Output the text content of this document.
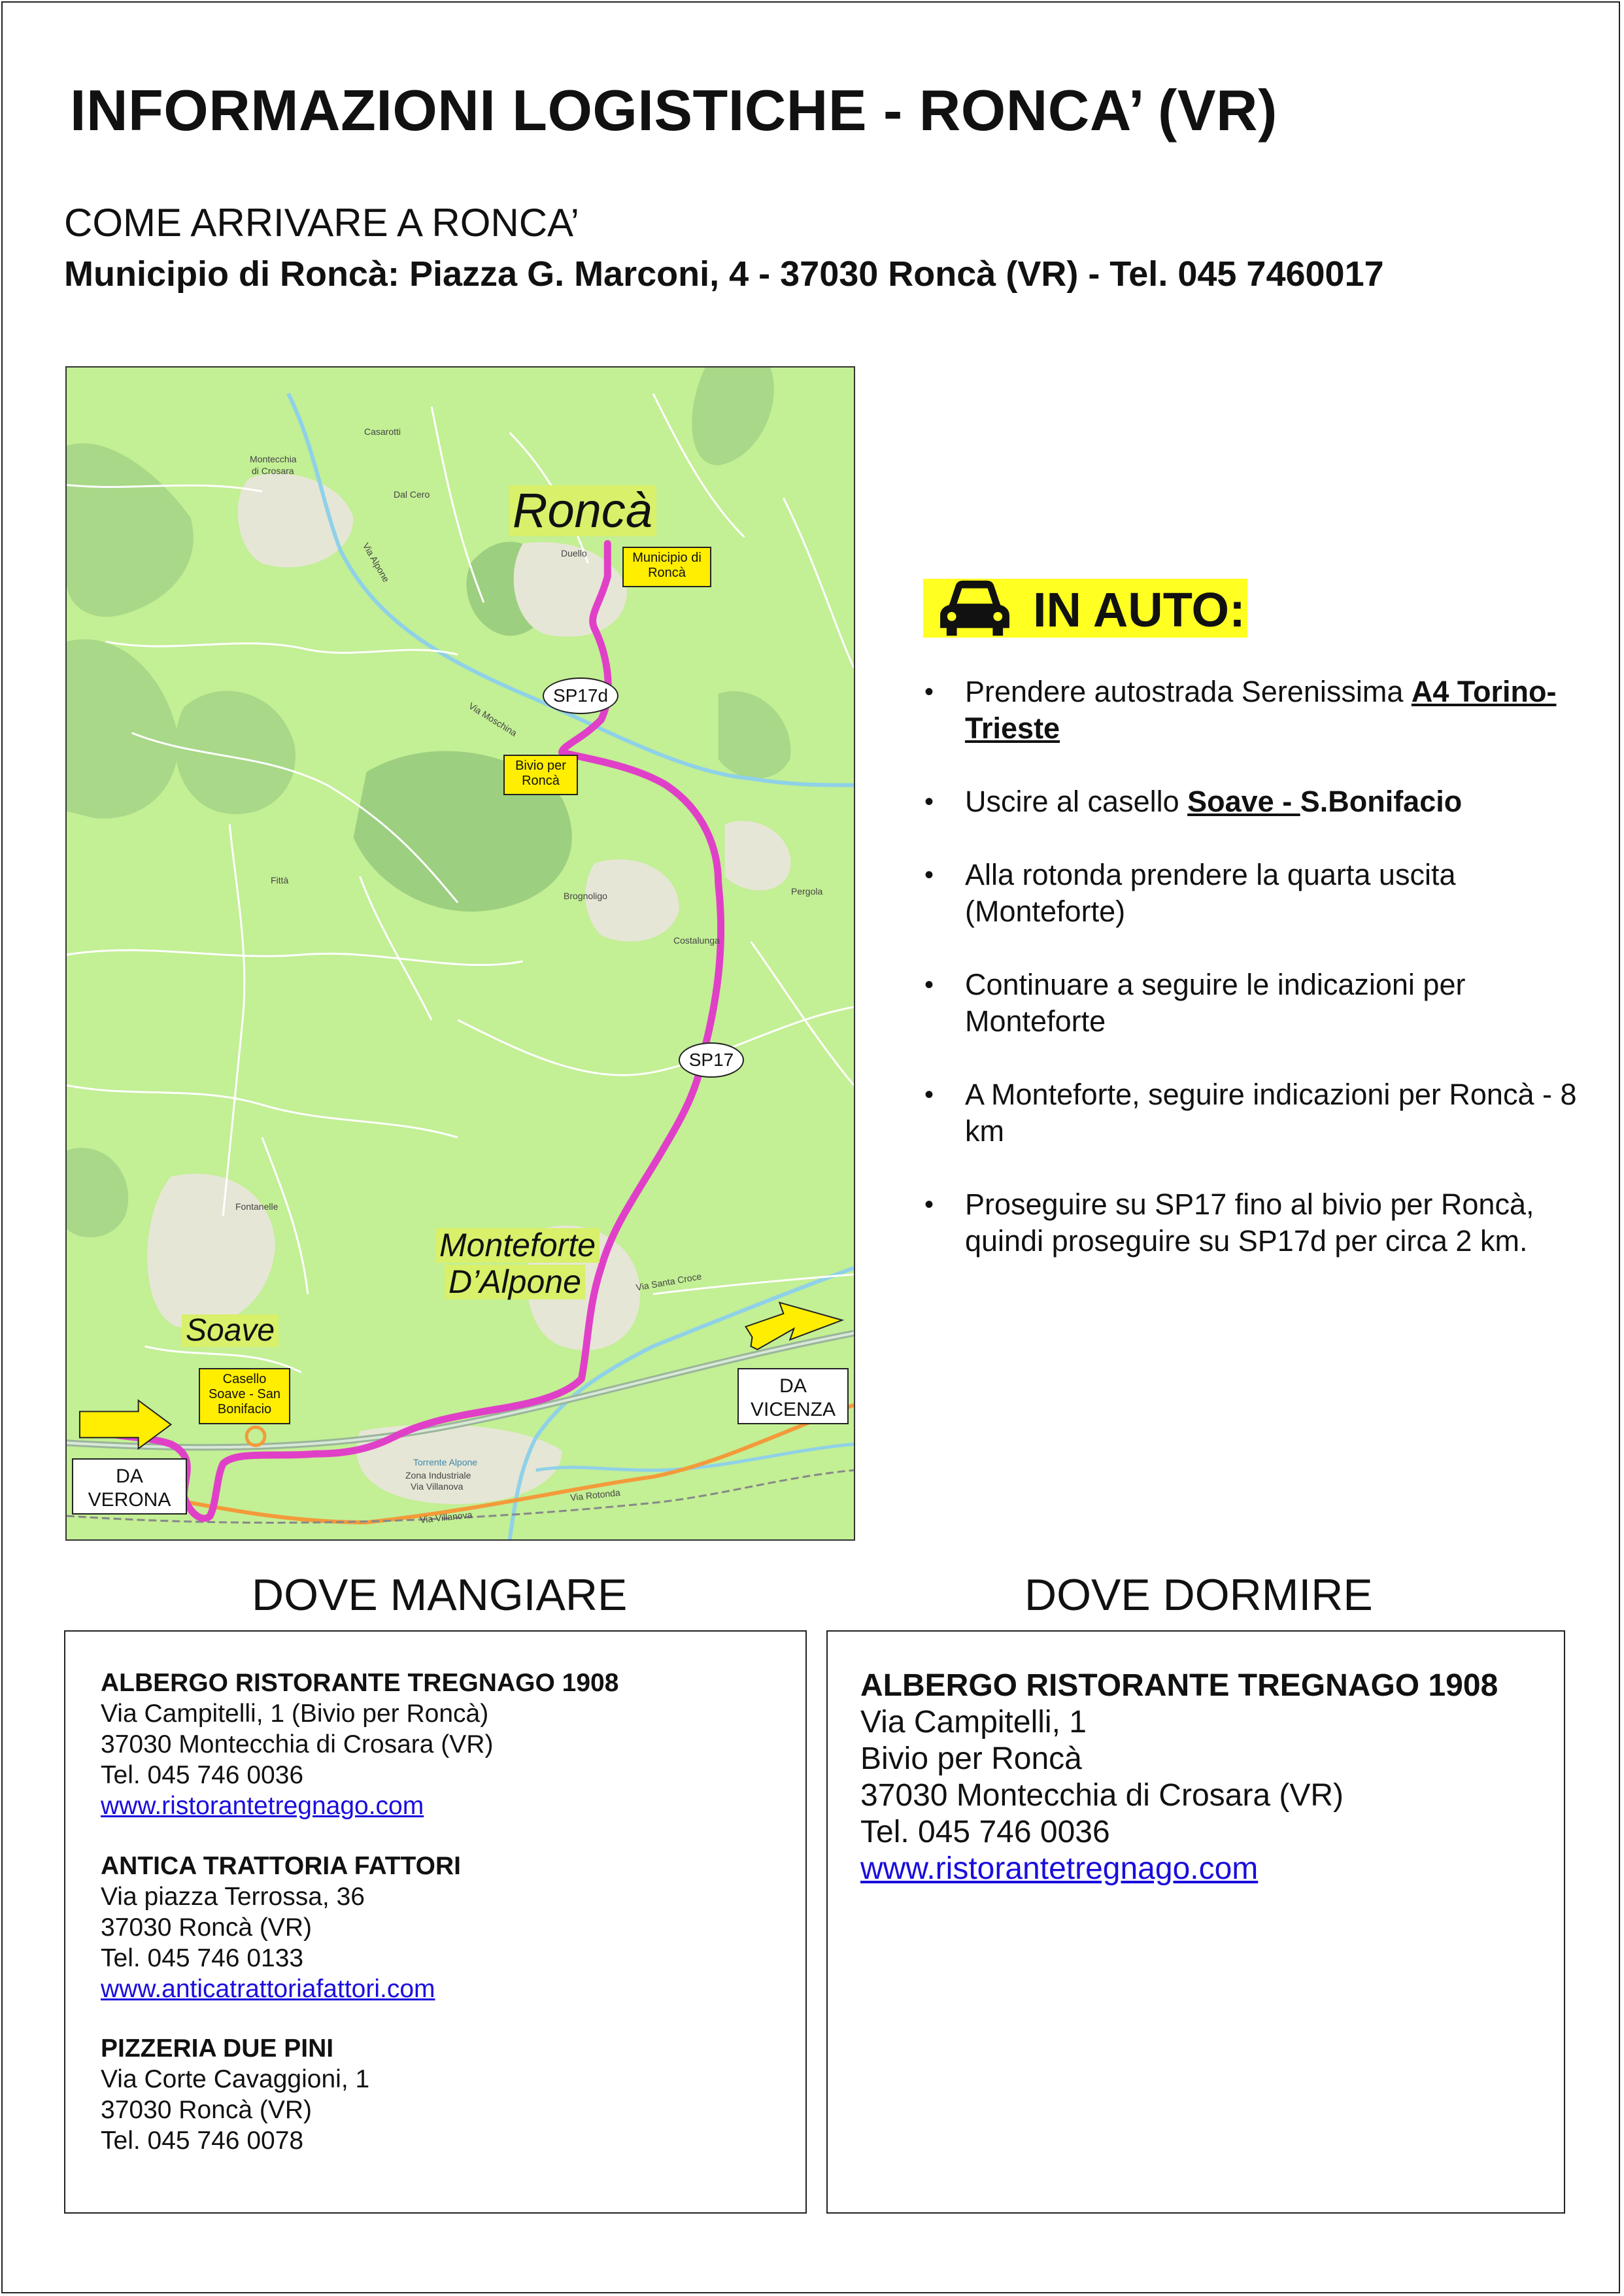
INFORMAZIONI LOGISTICHE - RONCA’ (VR)
COME ARRIVARE A RONCA’
Municipio di Roncà: Piazza G. Marconi, 4 - 37030 Roncà (VR) - Tel. 045 7460017
Casarotti
Montecchia
di Crosara
Dal Cero
Duello
Via Moschina
Via Alpone
Fittà
Brognoligo
Costalunga
Pergola
Fontanelle
Via Santa Croce
Zona Industriale
Via Villanova
Torrente Alpone
Via Rotonda
Via Villanova
Roncà
Monteforte
D’Alpone
Soave
Municipio di
Roncà
Bivio per
Roncà
Casello
Soave - San
Bonifacio
SP17d
SP17
DA
VICENZA
DA
VERONA
IN AUTO:
• Prendere autostrada Serenissima A4 Torino-Trieste
• Uscire al casello Soave - S.Bonifacio
• Alla rotonda prendere la quarta uscita (Monteforte)
• Continuare a seguire le indicazioni per Monteforte
• A Monteforte, seguire indicazioni per Roncà - 8 km
• Proseguire su SP17 fino al bivio per Roncà, quindi proseguire su SP17d per circa 2 km.
DOVE MANGIARE
ALBERGO RISTORANTE TREGNAGO 1908
Via Campitelli, 1 (Bivio per Roncà)
37030 Montecchia di Crosara (VR)
Tel. 045 746 0036
www.ristorantetregnago.com
ANTICA TRATTORIA FATTORI
Via piazza Terrossa, 36
37030 Roncà (VR)
Tel. 045 746 0133
www.anticatrattoriafattori.com
PIZZERIA DUE PINI
Via Corte Cavaggioni, 1
37030 Roncà (VR)
Tel. 045 746 0078
DOVE DORMIRE
ALBERGO RISTORANTE TREGNAGO 1908
Via Campitelli, 1
Bivio per Roncà
37030 Montecchia di Crosara (VR)
Tel. 045 746 0036
www.ristorantetregnago.com
